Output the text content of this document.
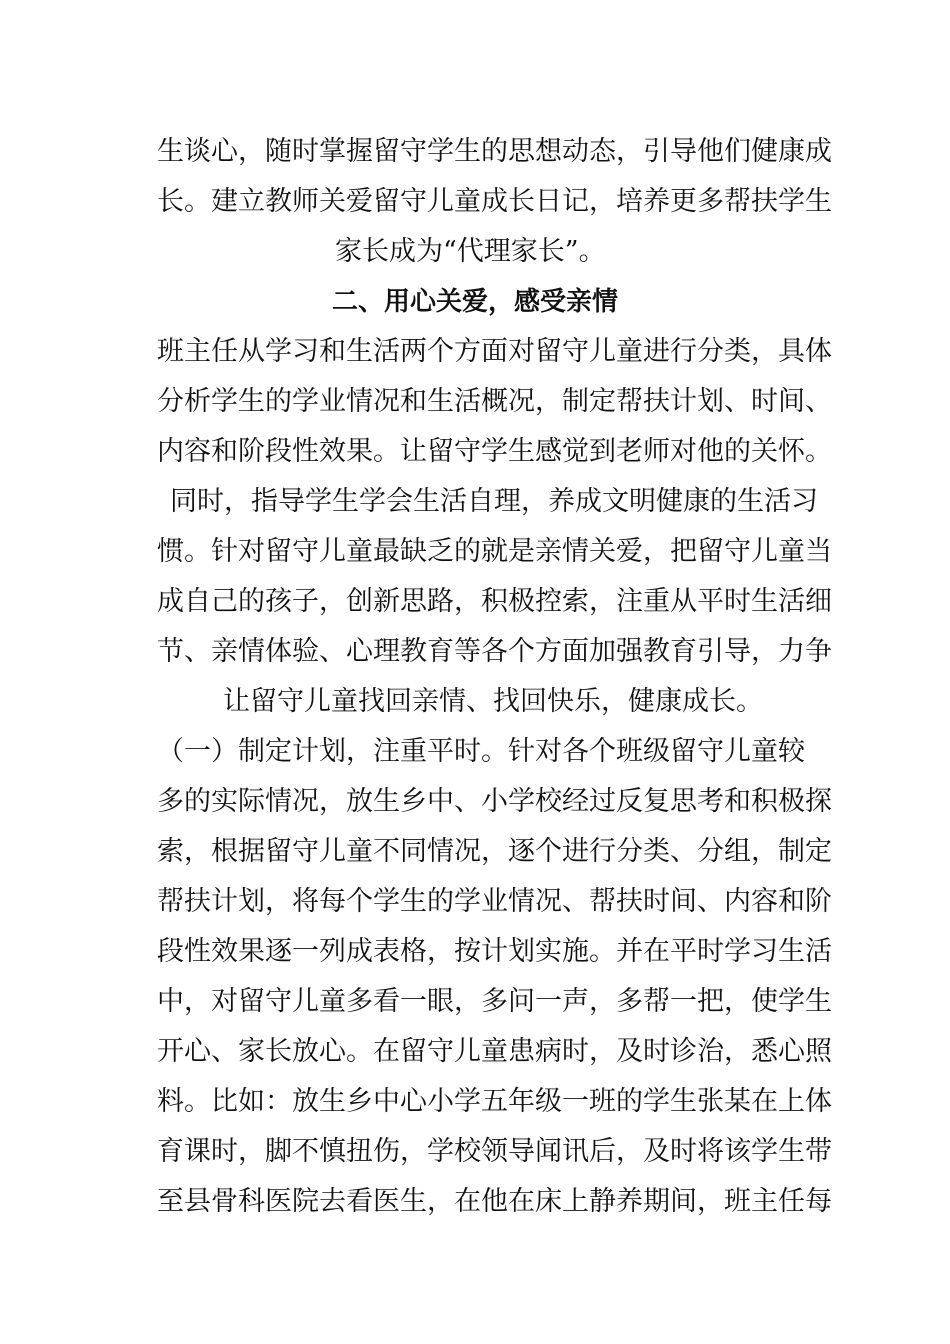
生谈心，随时掌握留守学生的思想动态，引导他们健康成
长。建立教师关爱留守儿童成长日记，培养更多帮扶学生
家长成为“代理家长”。
二、用心关爱，感受亲情
班主任从学习和生活两个方面对留守儿童进行分类，具体
分析学生的学业情况和生活概况，制定帮扶计划、时间、
内容和阶段性效果。让留守学生感觉到老师对他的关怀。
同时，指导学生学会生活自理，养成文明健康的生活习
惯。针对留守儿童最缺乏的就是亲情关爱，把留守儿童当
成自己的孩子，创新思路，积极控索，注重从平时生活细
节、亲情体验、心理教育等各个方面加强教育引导，力争
让留守儿童找回亲情、找回快乐，健康成长。
（一）制定计划，注重平时。针对各个班级留守儿童较
多的实际情况，放生乡中、小学校经过反复思考和积极探
索，根据留守儿童不同情况，逐个进行分类、分组，制定
帮扶计划，将每个学生的学业情况、帮扶时间、内容和阶
段性效果逐一列成表格，按计划实施。并在平时学习生活
中，对留守儿童多看一眼，多问一声，多帮一把，使学生
开心、家长放心。在留守儿童患病时，及时诊治，悉心照
料。比如：放生乡中心小学五年级一班的学生张某在上体
育课时，脚不慎扭伤，学校领导闻讯后，及时将该学生带
至县骨科医院去看医生，在他在床上静养期间，班主任每
